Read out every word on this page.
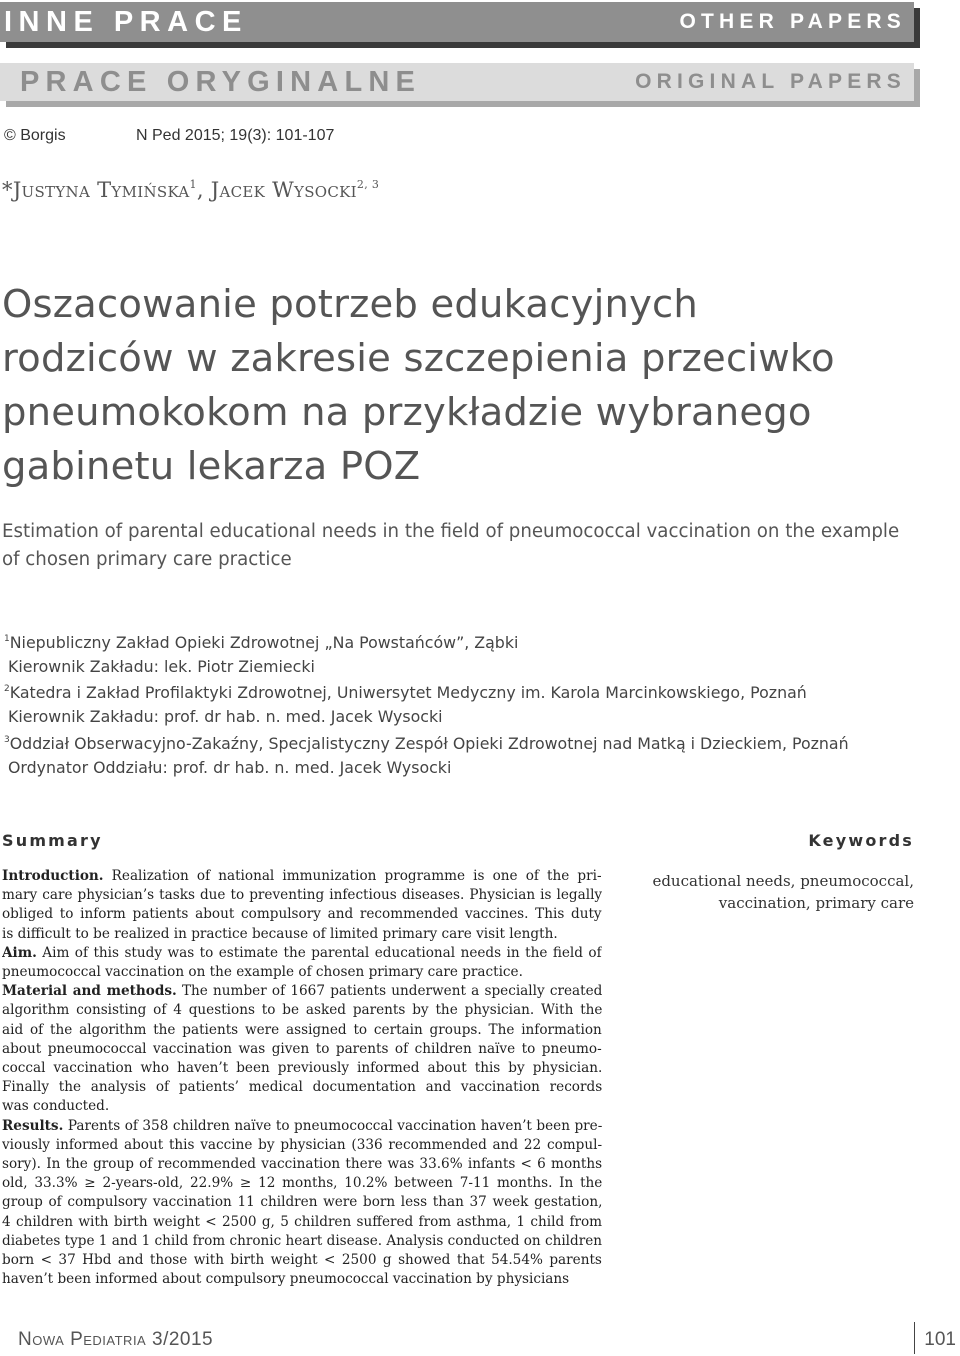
INNE PRACE	OTHER PAPERS
PRACE ORYGINALNE	ORIGINAL PAPERS
© Borgis	N Ped 2015; 19(3): 101-107
*Justyna Tymińska$^1$, Jacek Wysocki$^{2, 3}$
Oszacowanie potrzeb edukacyjnych
rodziców w zakresie szczepienia przeciwko
pneumokokom na przykładzie wybranego
gabinetu lekarza POZ
Estimation of parental educational needs in the field of pneumococcal vaccination on the example
of chosen primary care practice
$^1$Niepubliczny Zakład Opieki Zdrowotnej „Na Powstańców”, Ząbki
Kierownik Zakładu: lek. Piotr Ziemiecki
$^2$Katedra i Zakład Profilaktyki Zdrowotnej, Uniwersytet Medyczny im. Karola Marcinkowskiego, Poznań
Kierownik Zakładu: prof. dr hab. n. med. Jacek Wysocki
$^3$Oddział Obserwacyjno-Zakaźny, Specjalistyczny Zespół Opieki Zdrowotnej nad Matką i Dzieckiem, Poznań
Ordynator Oddziału: prof. dr hab. n. med. Jacek Wysocki
Summary	Keywords
Introduction. Realization of national immunization programme is one of the pri-
mary care physician’s tasks due to preventing infectious diseases. Physician is legally
obliged to inform patients about compulsory and recommended vaccines. This duty
is difficult to be realized in practice because of limited primary care visit length.
Aim. Aim of this study was to estimate the parental educational needs in the field of
pneumococcal vaccination on the example of chosen primary care practice.
Material and methods. The number of 1667 patients underwent a specially created
algorithm consisting of 4 questions to be asked parents by the physician. With the
aid of the algorithm the patients were assigned to certain groups. The information
about pneumococcal vaccination was given to parents of children naïve to pneumo-
coccal vaccination who haven’t been previously informed about this by physician.
Finally the analysis of patients’ medical documentation and vaccination records
was conducted.
Results. Parents of 358 children naïve to pneumococcal vaccination haven’t been pre-
viously informed about this vaccine by physician (336 recommended and 22 compul-
sory). In the group of recommended vaccination there was 33.6% infants < 6 months
old, 33.3% ≥ 2-years-old, 22.9% ≥ 12 months, 10.2% between 7-11 months. In the
group of compulsory vaccination 11 children were born less than 37 week gestation,
4 children with birth weight < 2500 g, 5 children suffered from asthma, 1 child from
diabetes type 1 and 1 child from chronic heart disease. Analysis conducted on children
born < 37 Hbd and those with birth weight < 2500 g showed that 54.54% parents
haven’t been informed about compulsory pneumococcal vaccination by physicians
educational needs, pneumococcal,
vaccination, primary care
Nowa Pediatria 3/2015	101
